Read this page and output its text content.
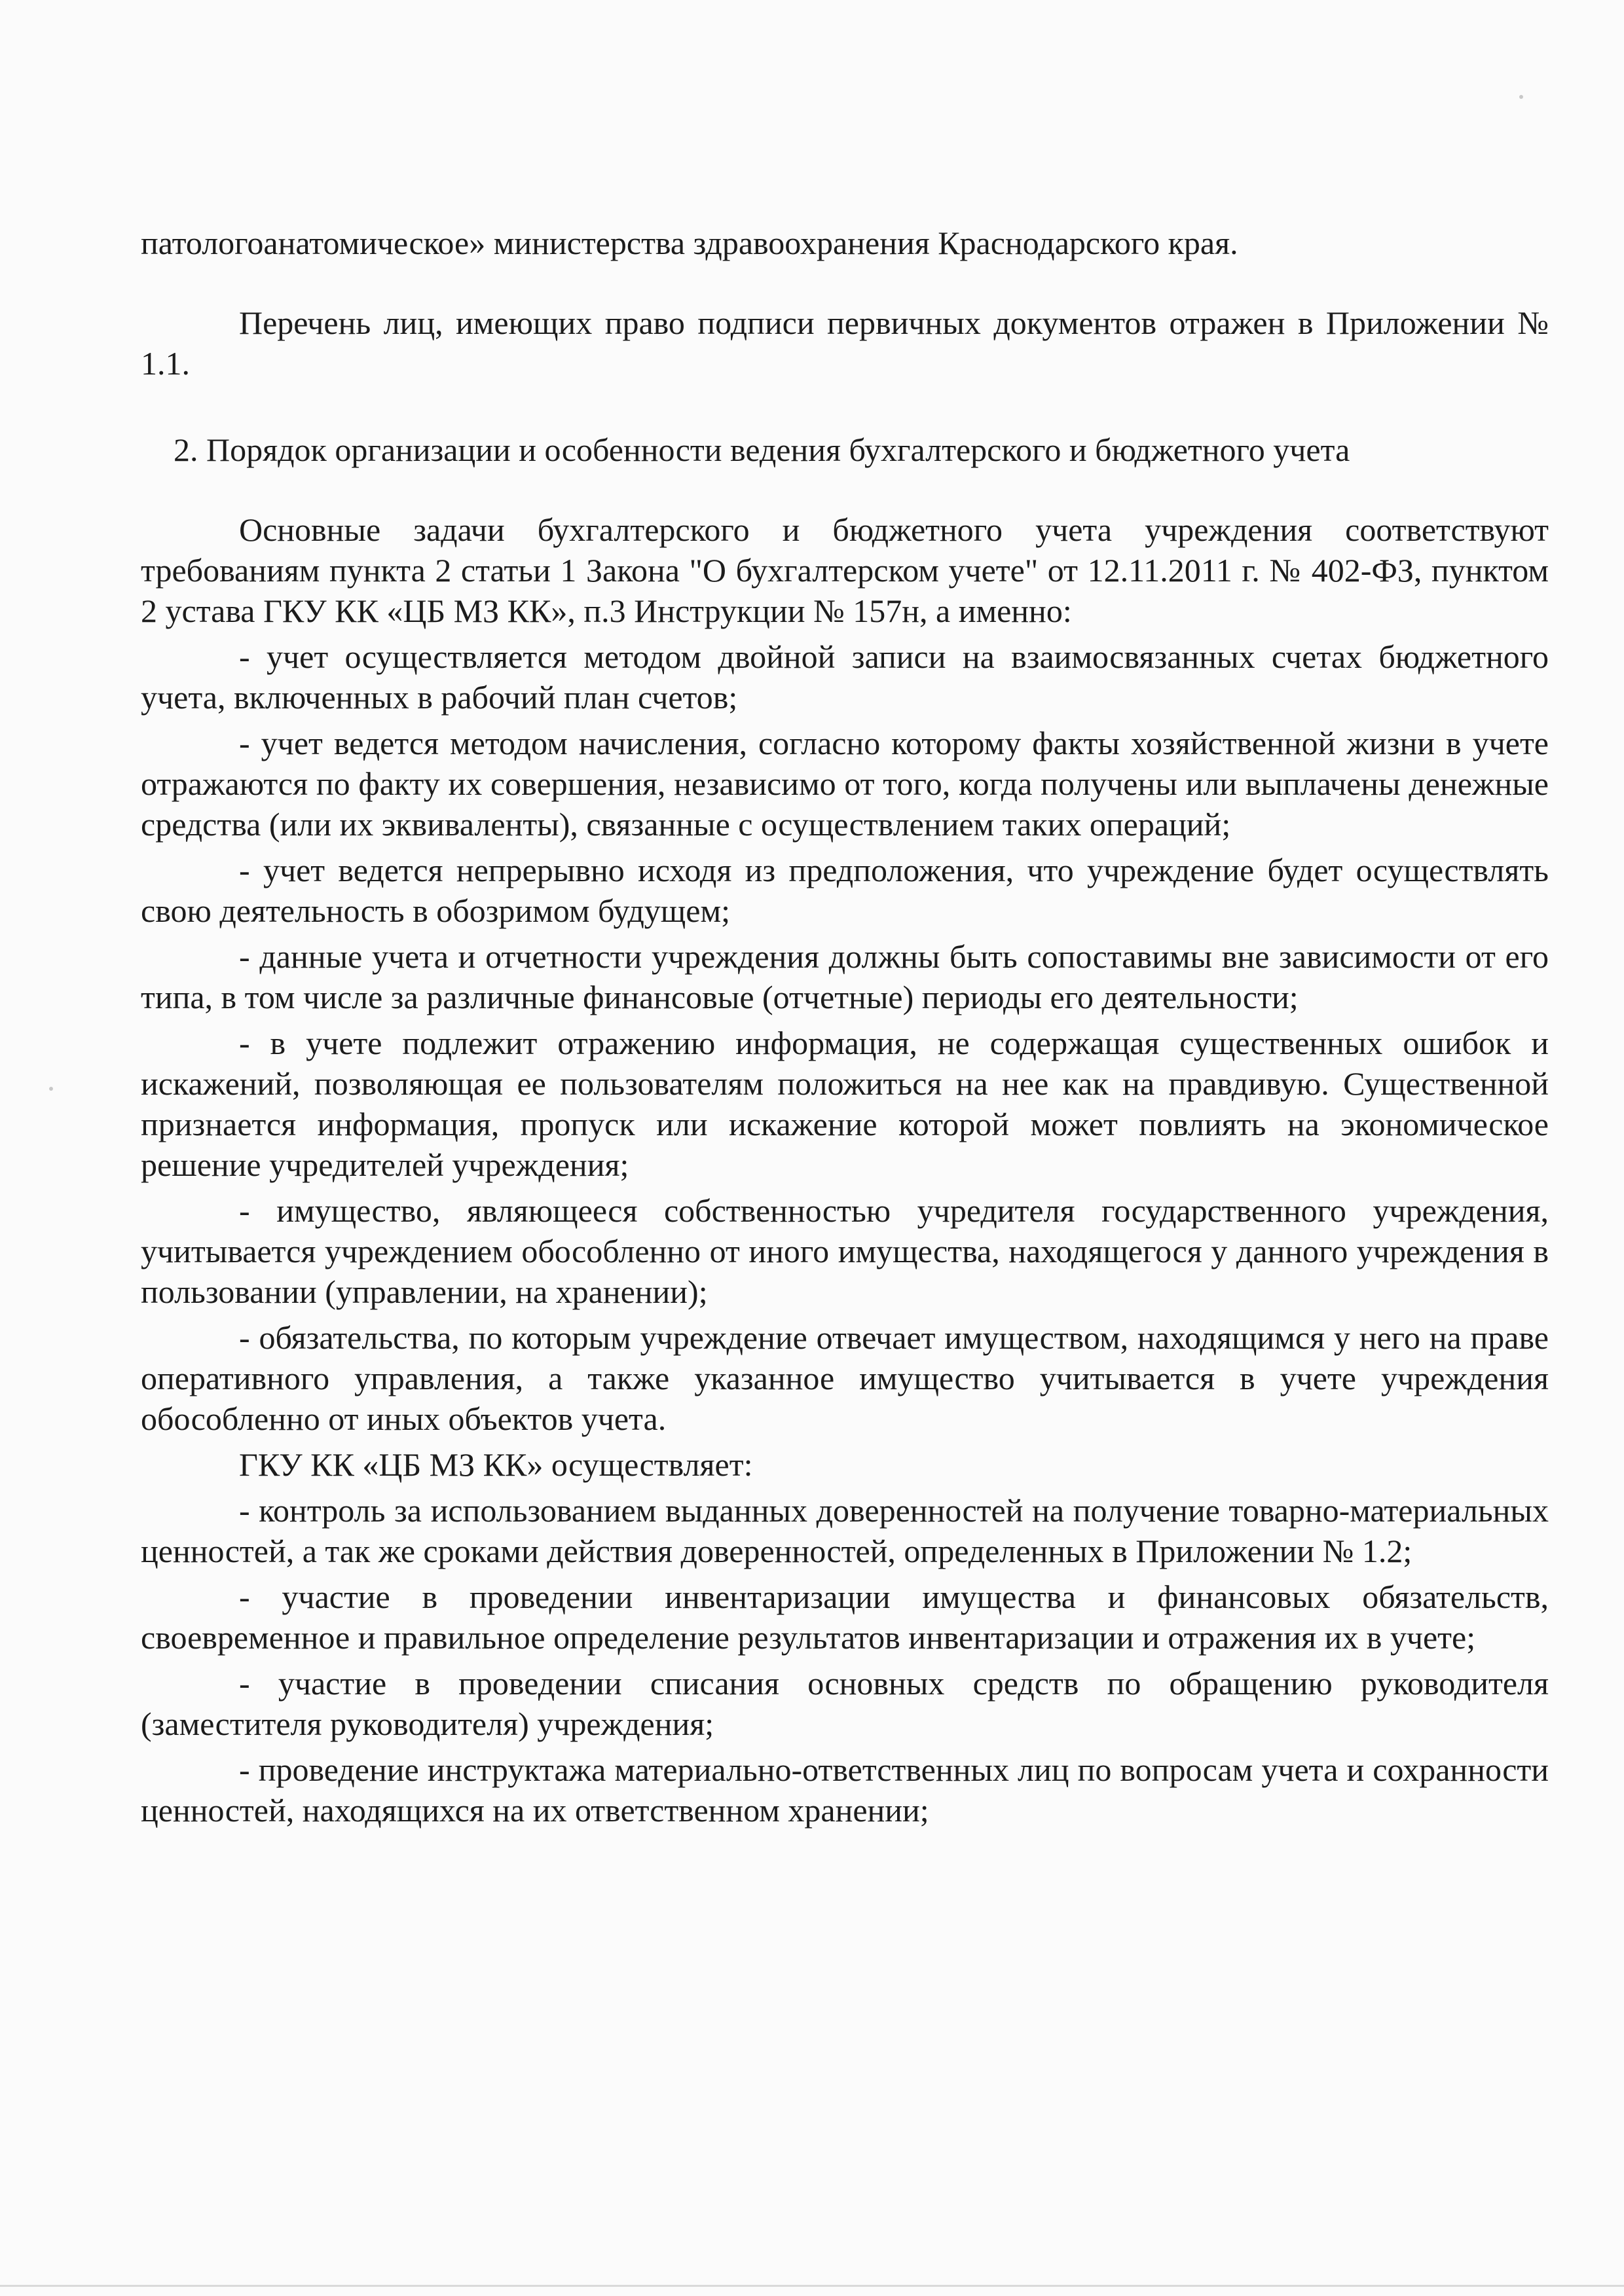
патологоанатомическое» министерства здравоохранения Краснодарского края.

Перечень лиц, имеющих право подписи первичных документов отражен в Приложении № 1.1.

2. Порядок организации и особенности ведения бухгалтерского и бюджетного учета

Основные задачи бухгалтерского и бюджетного учета учреждения соответствуют требованиям пункта 2 статьи 1 Закона "О бухгалтерском учете" от 12.11.2011 г. № 402-ФЗ, пунктом 2 устава ГКУ КК «ЦБ МЗ КК», п.3 Инструкции № 157н, а именно:

- учет осуществляется методом двойной записи на взаимосвязанных счетах бюджетного учета, включенных в рабочий план счетов;

- учет ведется методом начисления, согласно которому факты хозяйственной жизни в учете отражаются по факту их совершения, независимо от того, когда получены или выплачены денежные средства (или их эквиваленты), связанные с осуществлением таких операций;

- учет ведется непрерывно исходя из предположения, что учреждение будет осуществлять свою деятельность в обозримом будущем;

- данные учета и отчетности учреждения должны быть сопоставимы вне зависимости от его типа, в том числе за различные финансовые (отчетные) периоды его деятельности;

- в учете подлежит отражению информация, не содержащая существенных ошибок и искажений, позволяющая ее пользователям положиться на нее как на правдивую. Существенной признается информация, пропуск или искажение которой может повлиять на экономическое решение учредителей учреждения;

- имущество, являющееся собственностью учредителя государственного учреждения, учитывается учреждением обособленно от иного имущества, находящегося у данного учреждения в пользовании (управлении, на хранении);

- обязательства, по которым учреждение отвечает имуществом, находящимся у него на праве оперативного управления, а также указанное имущество учитывается в учете учреждения обособленно от иных объектов учета.

ГКУ КК «ЦБ МЗ КК» осуществляет:

- контроль за использованием выданных доверенностей на получение товарно-материальных ценностей, а так же сроками действия доверенностей, определенных в Приложении № 1.2;

- участие в проведении инвентаризации имущества и финансовых обязательств, своевременное и правильное определение результатов инвентаризации и отражения их в учете;

- участие в проведении списания основных средств по обращению руководителя (заместителя руководителя) учреждения;

- проведение инструктажа материально-ответственных лиц по вопросам учета и сохранности ценностей, находящихся на их ответственном хранении;
